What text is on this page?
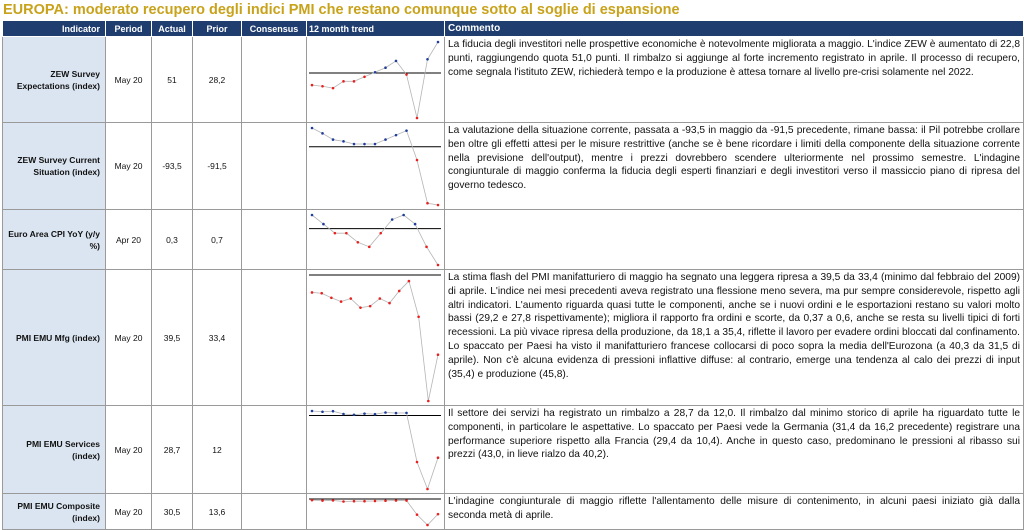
EUROPA: moderato recupero degli indici PMI che restano comunque sotto al soglie di espansione
Indicator	Period	Actual	Prior	Consensus	12 month trend	Commento
ZEW Survey Expectations (index)	May 20	51	28,2			La fiducia degli investitori nelle prospettive economiche è notevolmente migliorata a maggio. L'indice ZEW è aumentato di 22,8 punti, raggiungendo quota 51,0 punti. Il rimbalzo si aggiunge al forte incremento registrato in aprile. Il processo di recupero, come segnala l'istituto ZEW, richiederà tempo e la produzione è attesa tornare al livello pre-crisi solamente nel 2022.
ZEW Survey Current Situation (index)	May 20	-93,5	-91,5			La valutazione della situazione corrente, passata a -93,5 in maggio da -91,5 precedente, rimane bassa: il Pil potrebbe crollare ben oltre gli effetti attesi per le misure restrittive (anche se è bene ricordare i limiti della componente della situazione corrente nella previsione dell'output), mentre i prezzi dovrebbero scendere ulteriormente nel prossimo semestre. L'indagine congiunturale di maggio conferma la fiducia degli esperti finanziari e degli investitori verso il massiccio piano di ripresa del governo tedesco.
Euro Area CPI YoY (y/y %)	Apr 20	0,3	0,7		

PMI EMU Mfg (index)	May 20	39,5	33,4			La stima flash del PMI manifatturiero di maggio ha segnato una leggera ripresa a 39,5 da 33,4 (minimo dal febbraio del 2009) di aprile. L'indice nei mesi precedenti aveva registrato una flessione meno severa, ma pur sempre considerevole, rispetto agli altri indicatori. L'aumento riguarda quasi tutte le componenti, anche se i nuovi ordini e le esportazioni restano su valori molto bassi (29,2 e 27,8 rispettivamente); migliora il rapporto fra ordini e scorte, da 0,37 a 0,6, anche se resta su livelli tipici di forti recessioni. La più vivace ripresa della produzione, da 18,1 a 35,4, riflette il lavoro per evadere ordini bloccati dal confinamento. Lo spaccato per Paesi ha visto il manifatturiero francese collocarsi di poco sopra la media dell'Eurozona (a 40,3 da 31,5 di aprile). Non c'è alcuna evidenza di pressioni inflattive diffuse: al contrario, emerge una tendenza al calo dei prezzi di input (35,4) e produzione (45,8).
PMI EMU Services (index)	May 20	28,7	12			Il settore dei servizi ha registrato un rimbalzo a 28,7 da 12,0. Il rimbalzo dal minimo storico di aprile ha riguardato tutte le componenti, in particolare le aspettative. Lo spaccato per Paesi vede la Germania (31,4 da 16,2 precedente) registrare una performance superiore rispetto alla Francia (29,4 da 10,4). Anche in questo caso, predominano le pressioni al ribasso sui prezzi (43,0, in lieve rialzo da 40,2).
PMI EMU Composite (index)	May 20	30,5	13,6			L'indagine congiunturale di maggio riflette l'allentamento delle misure di contenimento, in alcuni paesi iniziato già dalla seconda metà di aprile.
